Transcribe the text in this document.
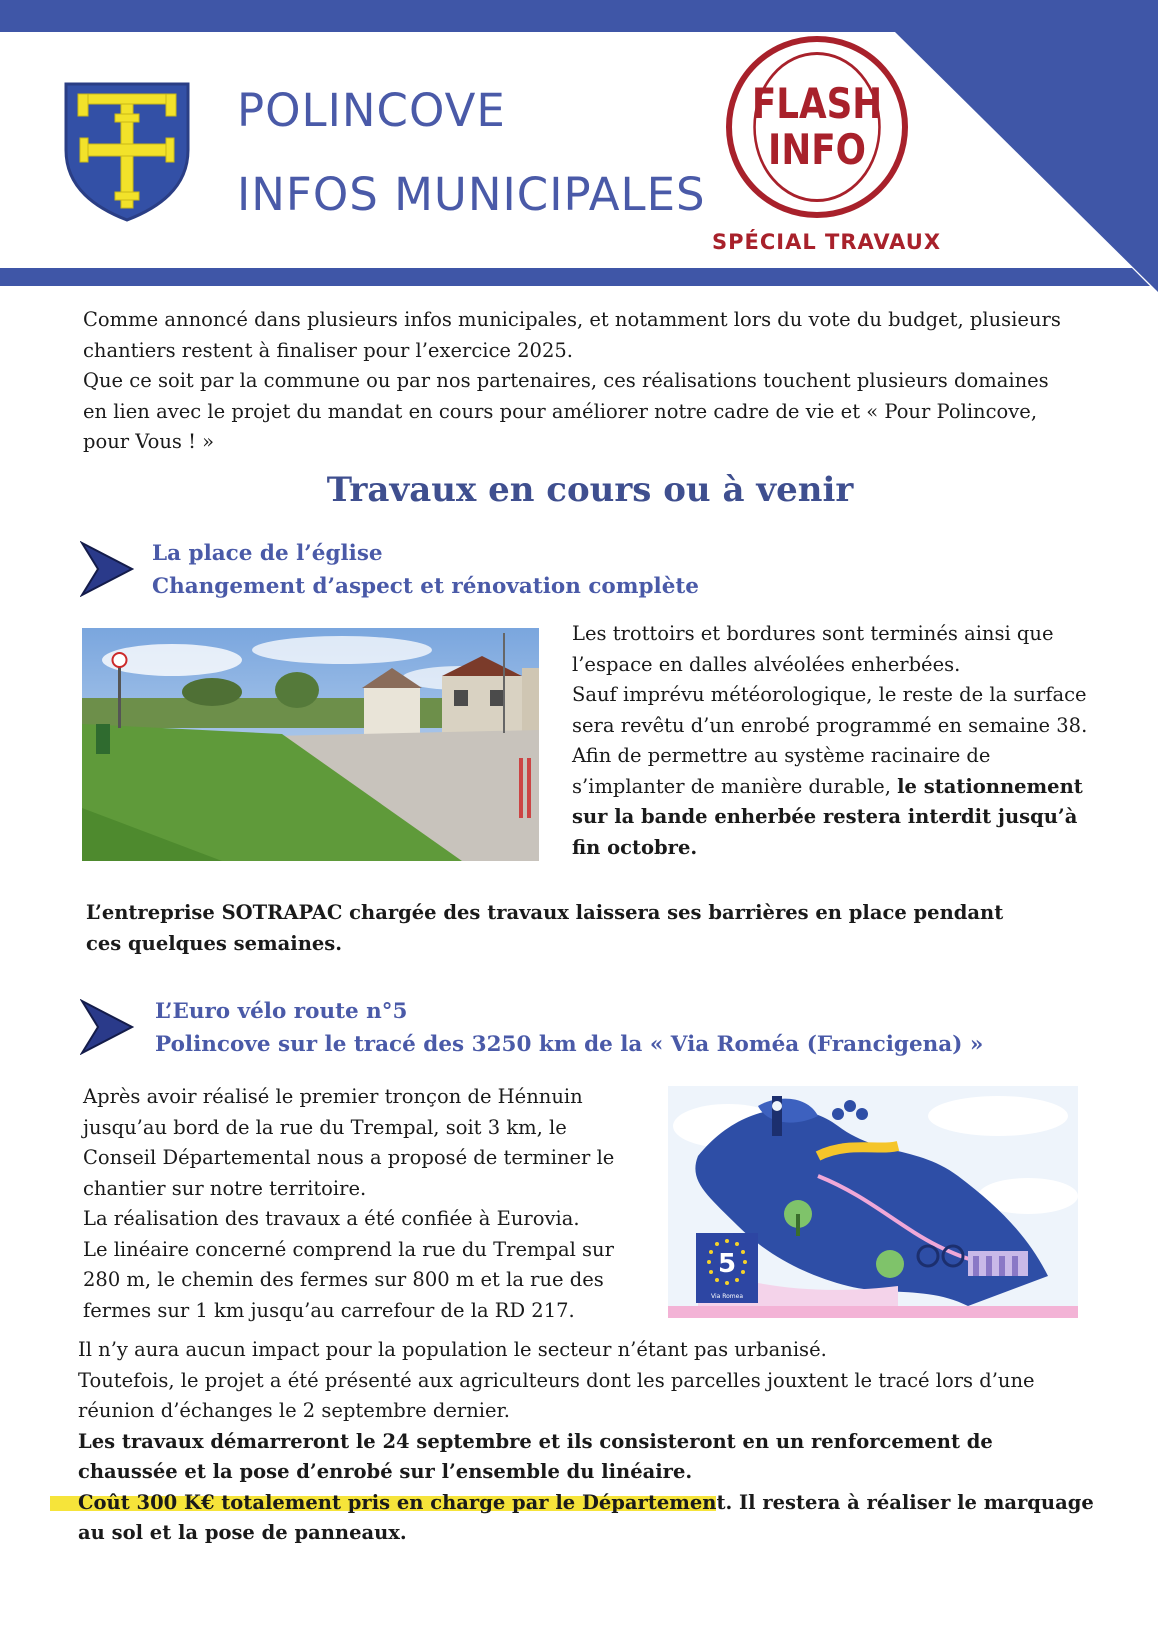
POLINCOVE
INFOS MUNICIPALES
FLASH
INFO
SPÉCIAL TRAVAUX

Comme annoncé dans plusieurs infos municipales, et notamment lors du vote du budget, plusieurs chantiers restent à finaliser pour l’exercice 2025.

Que ce soit par la commune ou par nos partenaires, ces réalisations touchent plusieurs domaines en lien avec le projet du mandat en cours pour améliorer notre cadre de vie et « Pour Polincove, pour Vous ! »

Travaux en cours ou à venir
La place de l’église
Changement d’aspect et rénovation complète

Les trottoirs et bordures sont terminés ainsi que l’espace en dalles alvéolées enherbées.

Sauf imprévu météorologique, le reste de la surface sera revêtu d’un enrobé programmé en semaine 38.

Afin de permettre au système racinaire de s’implanter de manière durable, le stationnement sur la bande enherbée restera interdit jusqu’à fin octobre.

L’entreprise SOTRAPAC chargée des travaux laissera ses barrières en place pendant ces quelques semaines.
L’Euro vélo route n°5
Polincove sur le tracé des 3250 km de la « Via Roméa (Francigena) »

Après avoir réalisé le premier tronçon de Hénnuin jusqu’au bord de la rue du Trempal, soit 3 km, le Conseil Départemental nous a proposé de terminer le chantier sur notre territoire.

La réalisation des travaux a été confiée à Eurovia.

Le linéaire concerné comprend la rue du Trempal sur 280 m, le chemin des fermes sur 800 m et la rue des fermes sur 1 km jusqu’au carrefour de la RD 217.

5
Via Romea

Il n’y aura aucun impact pour la population le secteur n’étant pas urbanisé.

Toutefois, le projet a été présenté aux agriculteurs dont les parcelles jouxtent le tracé lors d’une réunion d’échanges le 2 septembre dernier.

Les travaux démarreront le 24 septembre et ils consisteront en un renforcement de chaussée et la pose d’enrobé sur l’ensemble du linéaire.

Coût 300 K€ totalement pris en charge par le Département. Il restera à réaliser le marquage au sol et la pose de panneaux.
